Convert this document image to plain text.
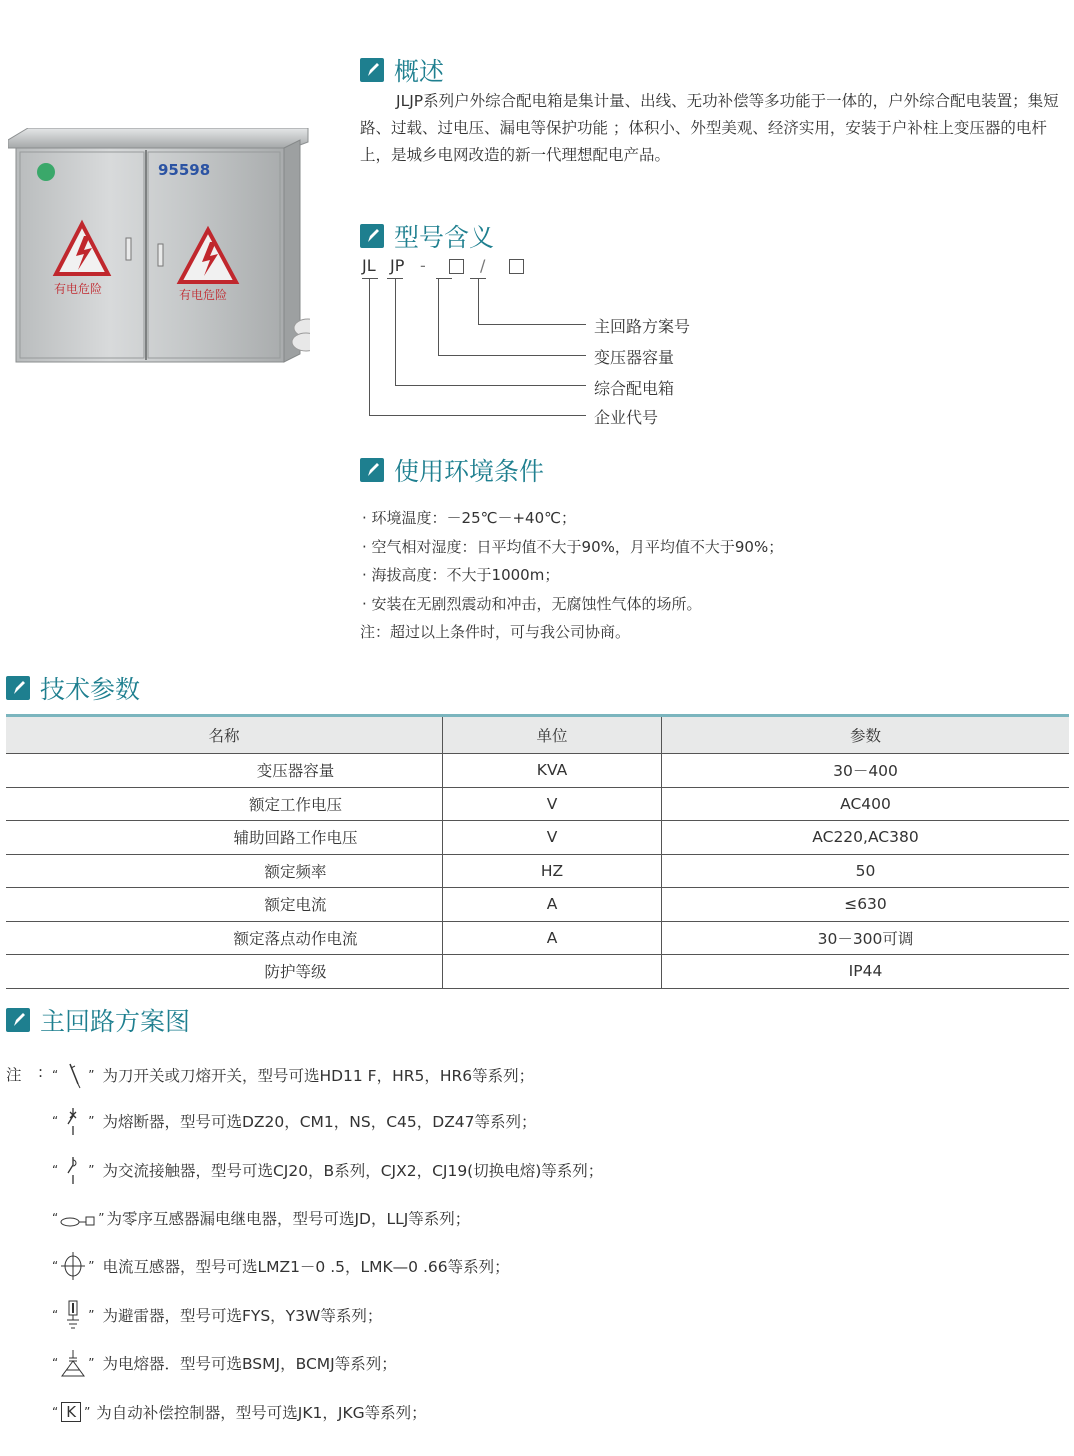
95598
有电危险	有电危险
概述
JLJP系列户外综合配电箱是集计量、出线、无功补偿等多功能于一体的，户外综合配电装置；集短路、过载、过电压、漏电等保护功能 ；体积小、外型美观、经济实用，安装于户补柱上变压器的电杆上，是城乡电网改造的新一代理想配电产品。
型号含义
JL JP -	/
主回路方案号
变压器容量
综合配电箱
企业代号
使用环境条件
· 环境温度：－25℃－+40℃；
· 空气相对湿度：日平均值不大于90%，月平均值不大于90%；
· 海拔高度：不大于1000m；
· 安装在无剧烈震动和冲击，无腐蚀性气体的场所。
注：超过以上条件时，可与我公司协商。
技术参数
名称	单位	参数
变压器容量	KVA	30－400
额定工作电压	V	AC400
辅助回路工作电压	V	AC220,AC380
额定频率	HZ	50
额定电流	A	≤630
额定落点动作电流	A	30－300可调
防护等级		IP44
主回路方案图
注 : “	” 为刀开关或刀熔开关，型号可选HD11 F，HR5，HR6等系列；
“	” 为熔断器，型号可选DZ20，CM1，NS，C45，DZ47等系列；
“	” 为交流接触器，型号可选CJ20，B系列，CJX2，CJ19(切换电熔)等系列；
“	” 为零序互感器漏电继电器，型号可选JD，LLJ等系列；
“	” 电流互感器，型号可选LMZ1－0 .5，LMK—0 .66等系列；
“	” 为避雷器，型号可选FYS，Y3W等系列；
“	” 为电熔器．型号可选BSMJ，BCMJ等系列；
“ K ” 为自动补偿控制器，型号可选JK1，JKG等系列；
